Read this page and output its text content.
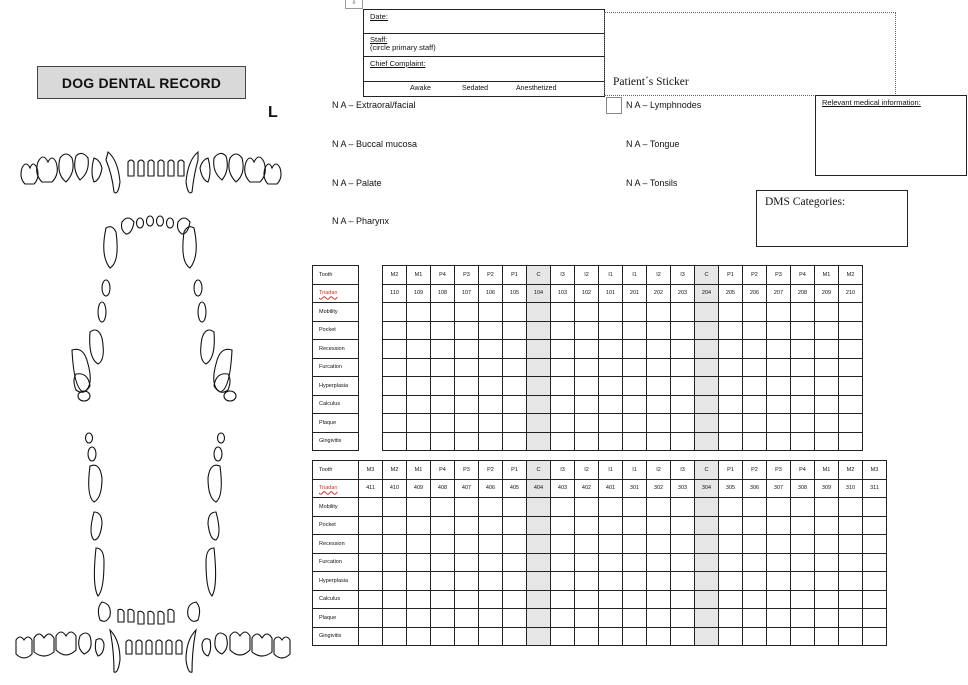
DOG DENTAL RECORD
L
⇩
Date:
Staff:
(circle primary staff)
Chief Complaint:
Awake	Sedated	Anesthetized
Patient´s Sticker
N A – Extraoral/facial
N A – Buccal mucosa
N A – Palate
N A – Pharynx
N A – Lymphnodes
N A – Tongue
N A – Tonsils
Relevant medical information:
DMS Categories:
Tooth		M2	M1	P4	P3	P2	P1	C	I3	I2	I1	I1	I2	I3	C	P1	P2	P3	P4	M1	M2
Triadan		110	109	108	107	106	105	104	103	102	101	201	202	203	204	205	206	207	208	209	210
Mobility																					
Pocket																					
Recession																					
Furcation																					
Hyperplasia																					
Calculus																					
Plaque																					
Gingivitis																					
Tooth	M3	M2	M1	P4	P3	P2	P1	C	I3	I2	I1	I1	I2	I3	C	P1	P2	P3	P4	M1	M2	M3
Triadan	411	410	409	408	407	406	405	404	403	402	401	301	302	303	304	305	306	307	308	309	310	311
Mobility																						
Pocket																						
Recession																						
Furcation																						
Hyperplasia																						
Calculus																						
Plaque																						
Gingivitis																						
